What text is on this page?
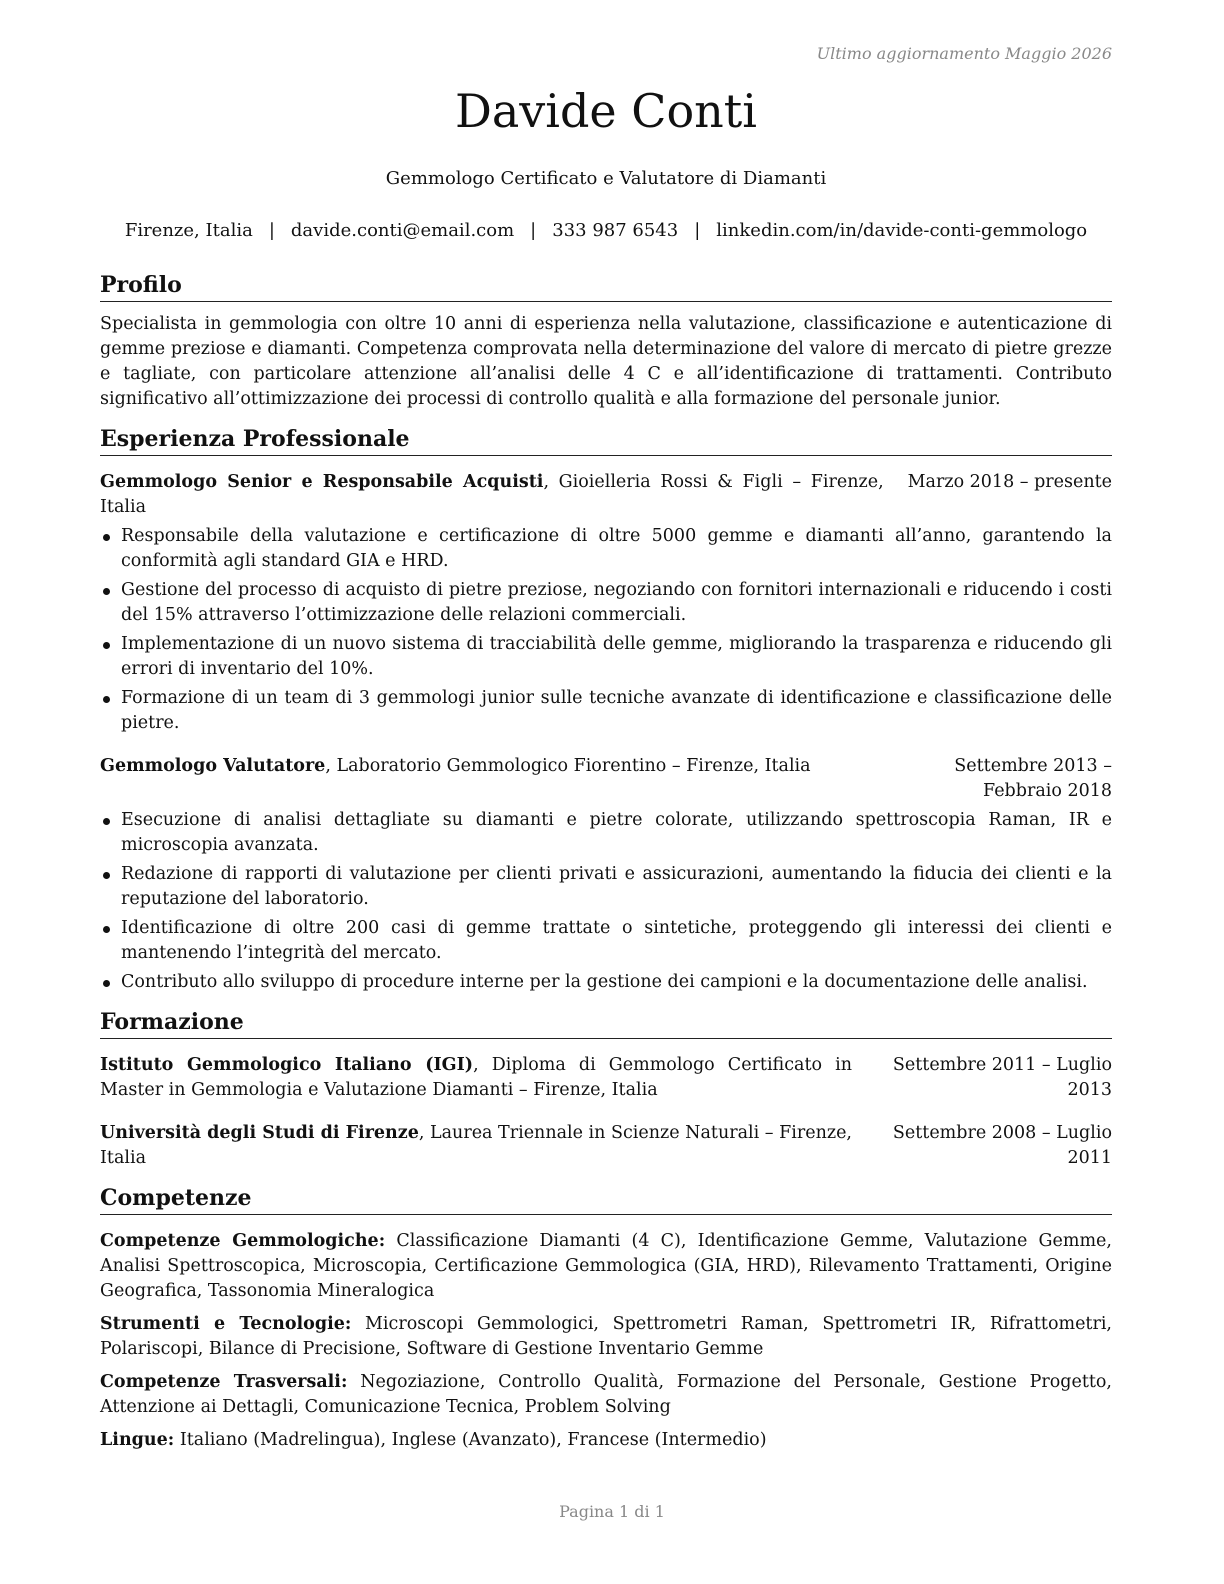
Ultimo aggiornamento Maggio 2026
Davide Conti
Gemmologo Certificato e Valutatore di Diamanti
Firenze, Italia | davide.conti@email.com | 333 987 6543 | linkedin.com/in/davide-conti-gemmologo
Profilo

Specialista in gemmologia con oltre 10 anni di esperienza nella valutazione, classificazione e autenticazione di gemme preziose e diamanti. Competenza comprovata nella determinazione del valore di mercato di pietre grezze e tagliate, con particolare attenzione all’analisi delle 4 C e all’identificazione di trattamenti. Contributo significativo all’ottimizzazione dei processi di controllo qualità e alla formazione del personale junior.

Esperienza Professionale
Gemmologo Senior e Responsabile Acquisti, Gioielleria Rossi & Figli – Firenze, Italia
Marzo 2018 – presente
Responsabile della valutazione e certificazione di oltre 5000 gemme e diamanti all’anno, garantendo la conformità agli standard GIA e HRD.
Gestione del processo di acquisto di pietre preziose, negoziando con fornitori internazionali e riducendo i costi del 15% attraverso l’ottimizzazione delle relazioni commerciali.
Implementazione di un nuovo sistema di tracciabilità delle gemme, migliorando la trasparenza e riducendo gli errori di inventario del 10%.
Formazione di un team di 3 gemmologi junior sulle tecniche avanzate di identificazione e classificazione delle pietre.
Gemmologo Valutatore, Laboratorio Gemmologico Fiorentino – Firenze, Italia	Settembre 2013 – Febbraio 2018
Esecuzione di analisi dettagliate su diamanti e pietre colorate, utilizzando spettroscopia Raman, IR e microscopia avanzata.
Redazione di rapporti di valutazione per clienti privati e assicurazioni, aumentando la fiducia dei clienti e la reputazione del laboratorio.
Identificazione di oltre 200 casi di gemme trattate o sintetiche, proteggendo gli interessi dei clienti e mantenendo l’integrità del mercato.
Contributo allo sviluppo di procedure interne per la gestione dei campioni e la documentazione delle analisi.
Formazione
Istituto Gemmologico Italiano (IGI), Diploma di Gemmologo Certificato in Master in Gemmologia e Valutazione Diamanti – Firenze, Italia
Settembre 2011 – Luglio 2013
Università degli Studi di Firenze, Laurea Triennale in Scienze Naturali – Firenze, Italia
Settembre 2008 – Luglio 2011
Competenze
Competenze Gemmologiche: Classificazione Diamanti (4 C), Identificazione Gemme, Valutazione Gemme, Analisi Spettroscopica, Microscopia, Certificazione Gemmologica (GIA, HRD), Rilevamento Trattamenti, Origine Geografica, Tassonomia Mineralogica
Strumenti e Tecnologie: Microscopi Gemmologici, Spettrometri Raman, Spettrometri IR, Rifrattometri, Polariscopi, Bilance di Precisione, Software di Gestione Inventario Gemme
Competenze Trasversali: Negoziazione, Controllo Qualità, Formazione del Personale, Gestione Progetto, Attenzione ai Dettagli, Comunicazione Tecnica, Problem Solving
Lingue: Italiano (Madrelingua), Inglese (Avanzato), Francese (Intermedio)
Pagina 1 di 1
